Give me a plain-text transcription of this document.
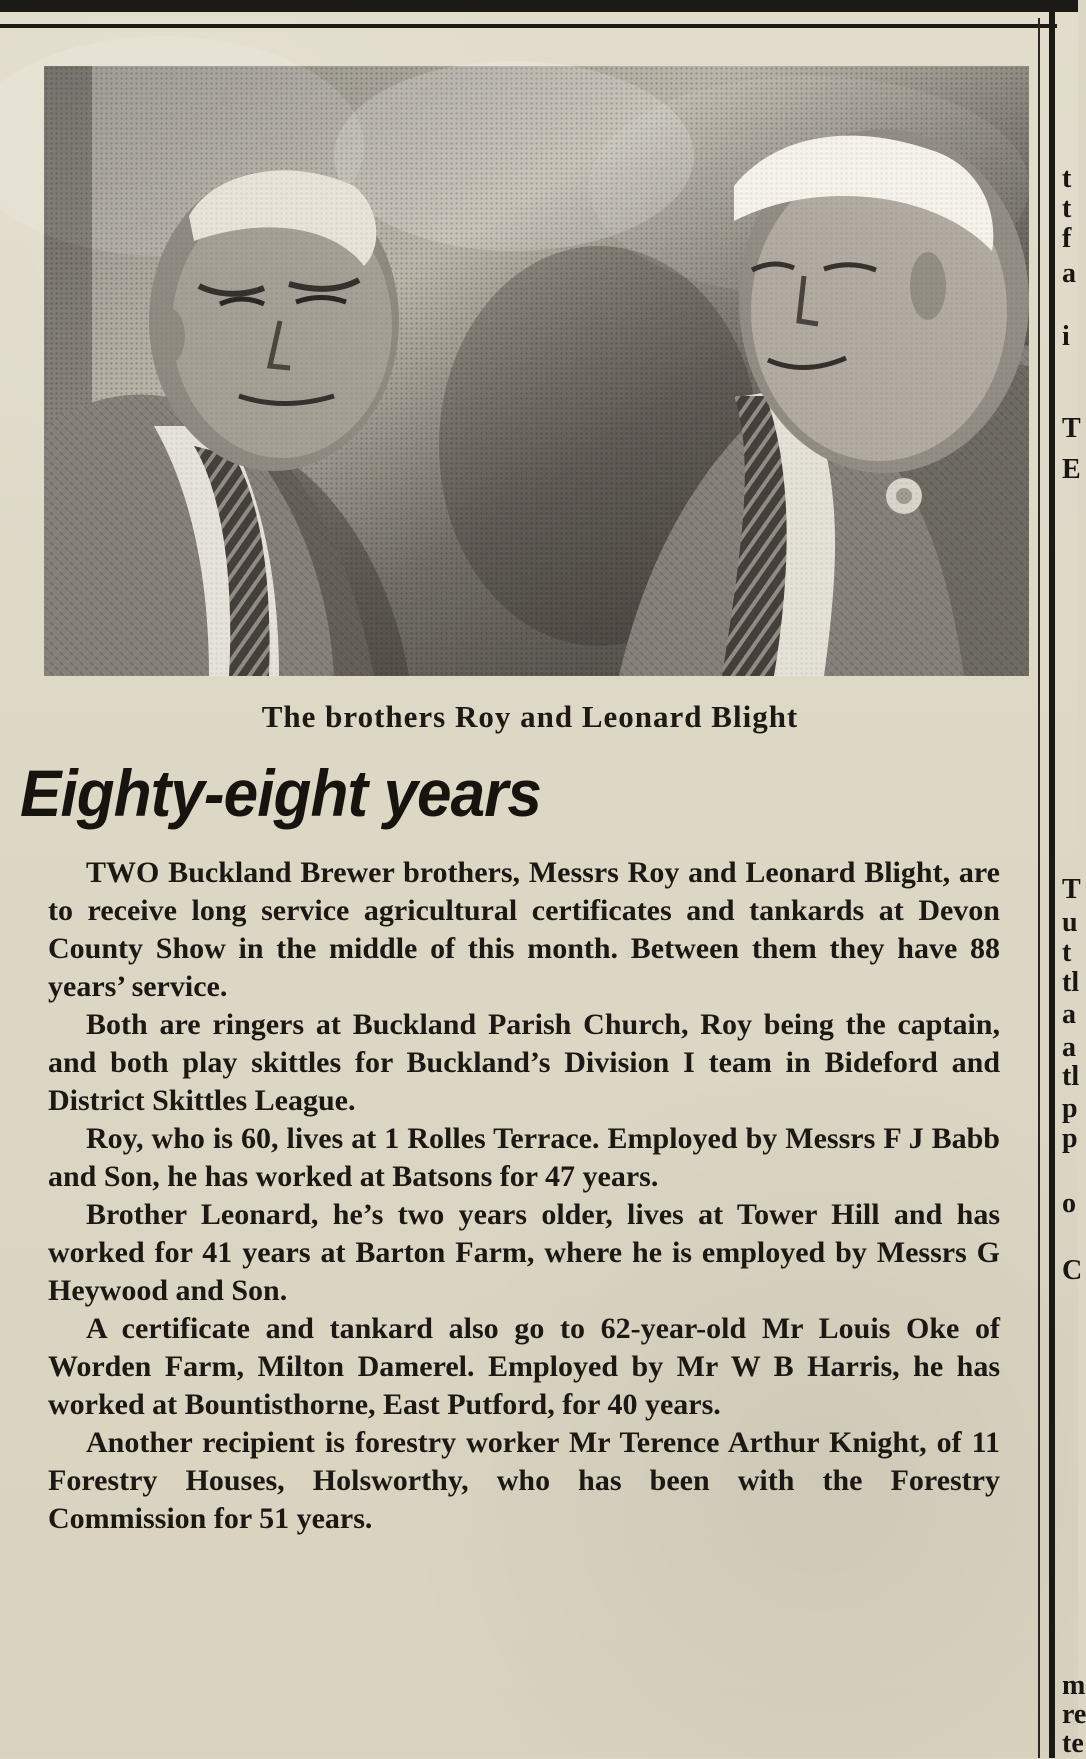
The brothers Roy and Leonard Blight
Eighty-eight years

TWO Buckland Brewer brothers, Messrs Roy and Leonard Blight, are to receive long service agricultural certificates and tankards at Devon County Show in the middle of this month. Between them they have 88 years’ service.

Both are ringers at Buckland Parish Church, Roy being the captain, and both play skittles for Buckland’s Division I team in Bideford and District Skittles League.

Roy, who is 60, lives at 1 Rolles Terrace. Employed by Messrs F J Babb and Son, he has worked at Batsons for 47 years.

Brother Leonard, he’s two years older, lives at Tower Hill and has worked for 41 years at Barton Farm, where he is employed by Messrs G Heywood and Son.

A certificate and tankard also go to 62-year-old Mr Louis Oke of Worden Farm, Milton Damerel. Employed by Mr W B Harris, he has worked at Bountisthorne, East Putford, for 40 years.

Another recipient is forestry worker Mr Terence Arthur Knight, of 11 Forestry Houses, Holsworthy, who has been with the Forestry Commission for 51 years.

t
t
f
a
i
T
E
T
u
t
tl
a
a
tl
p
p
o
C
m
re
te
